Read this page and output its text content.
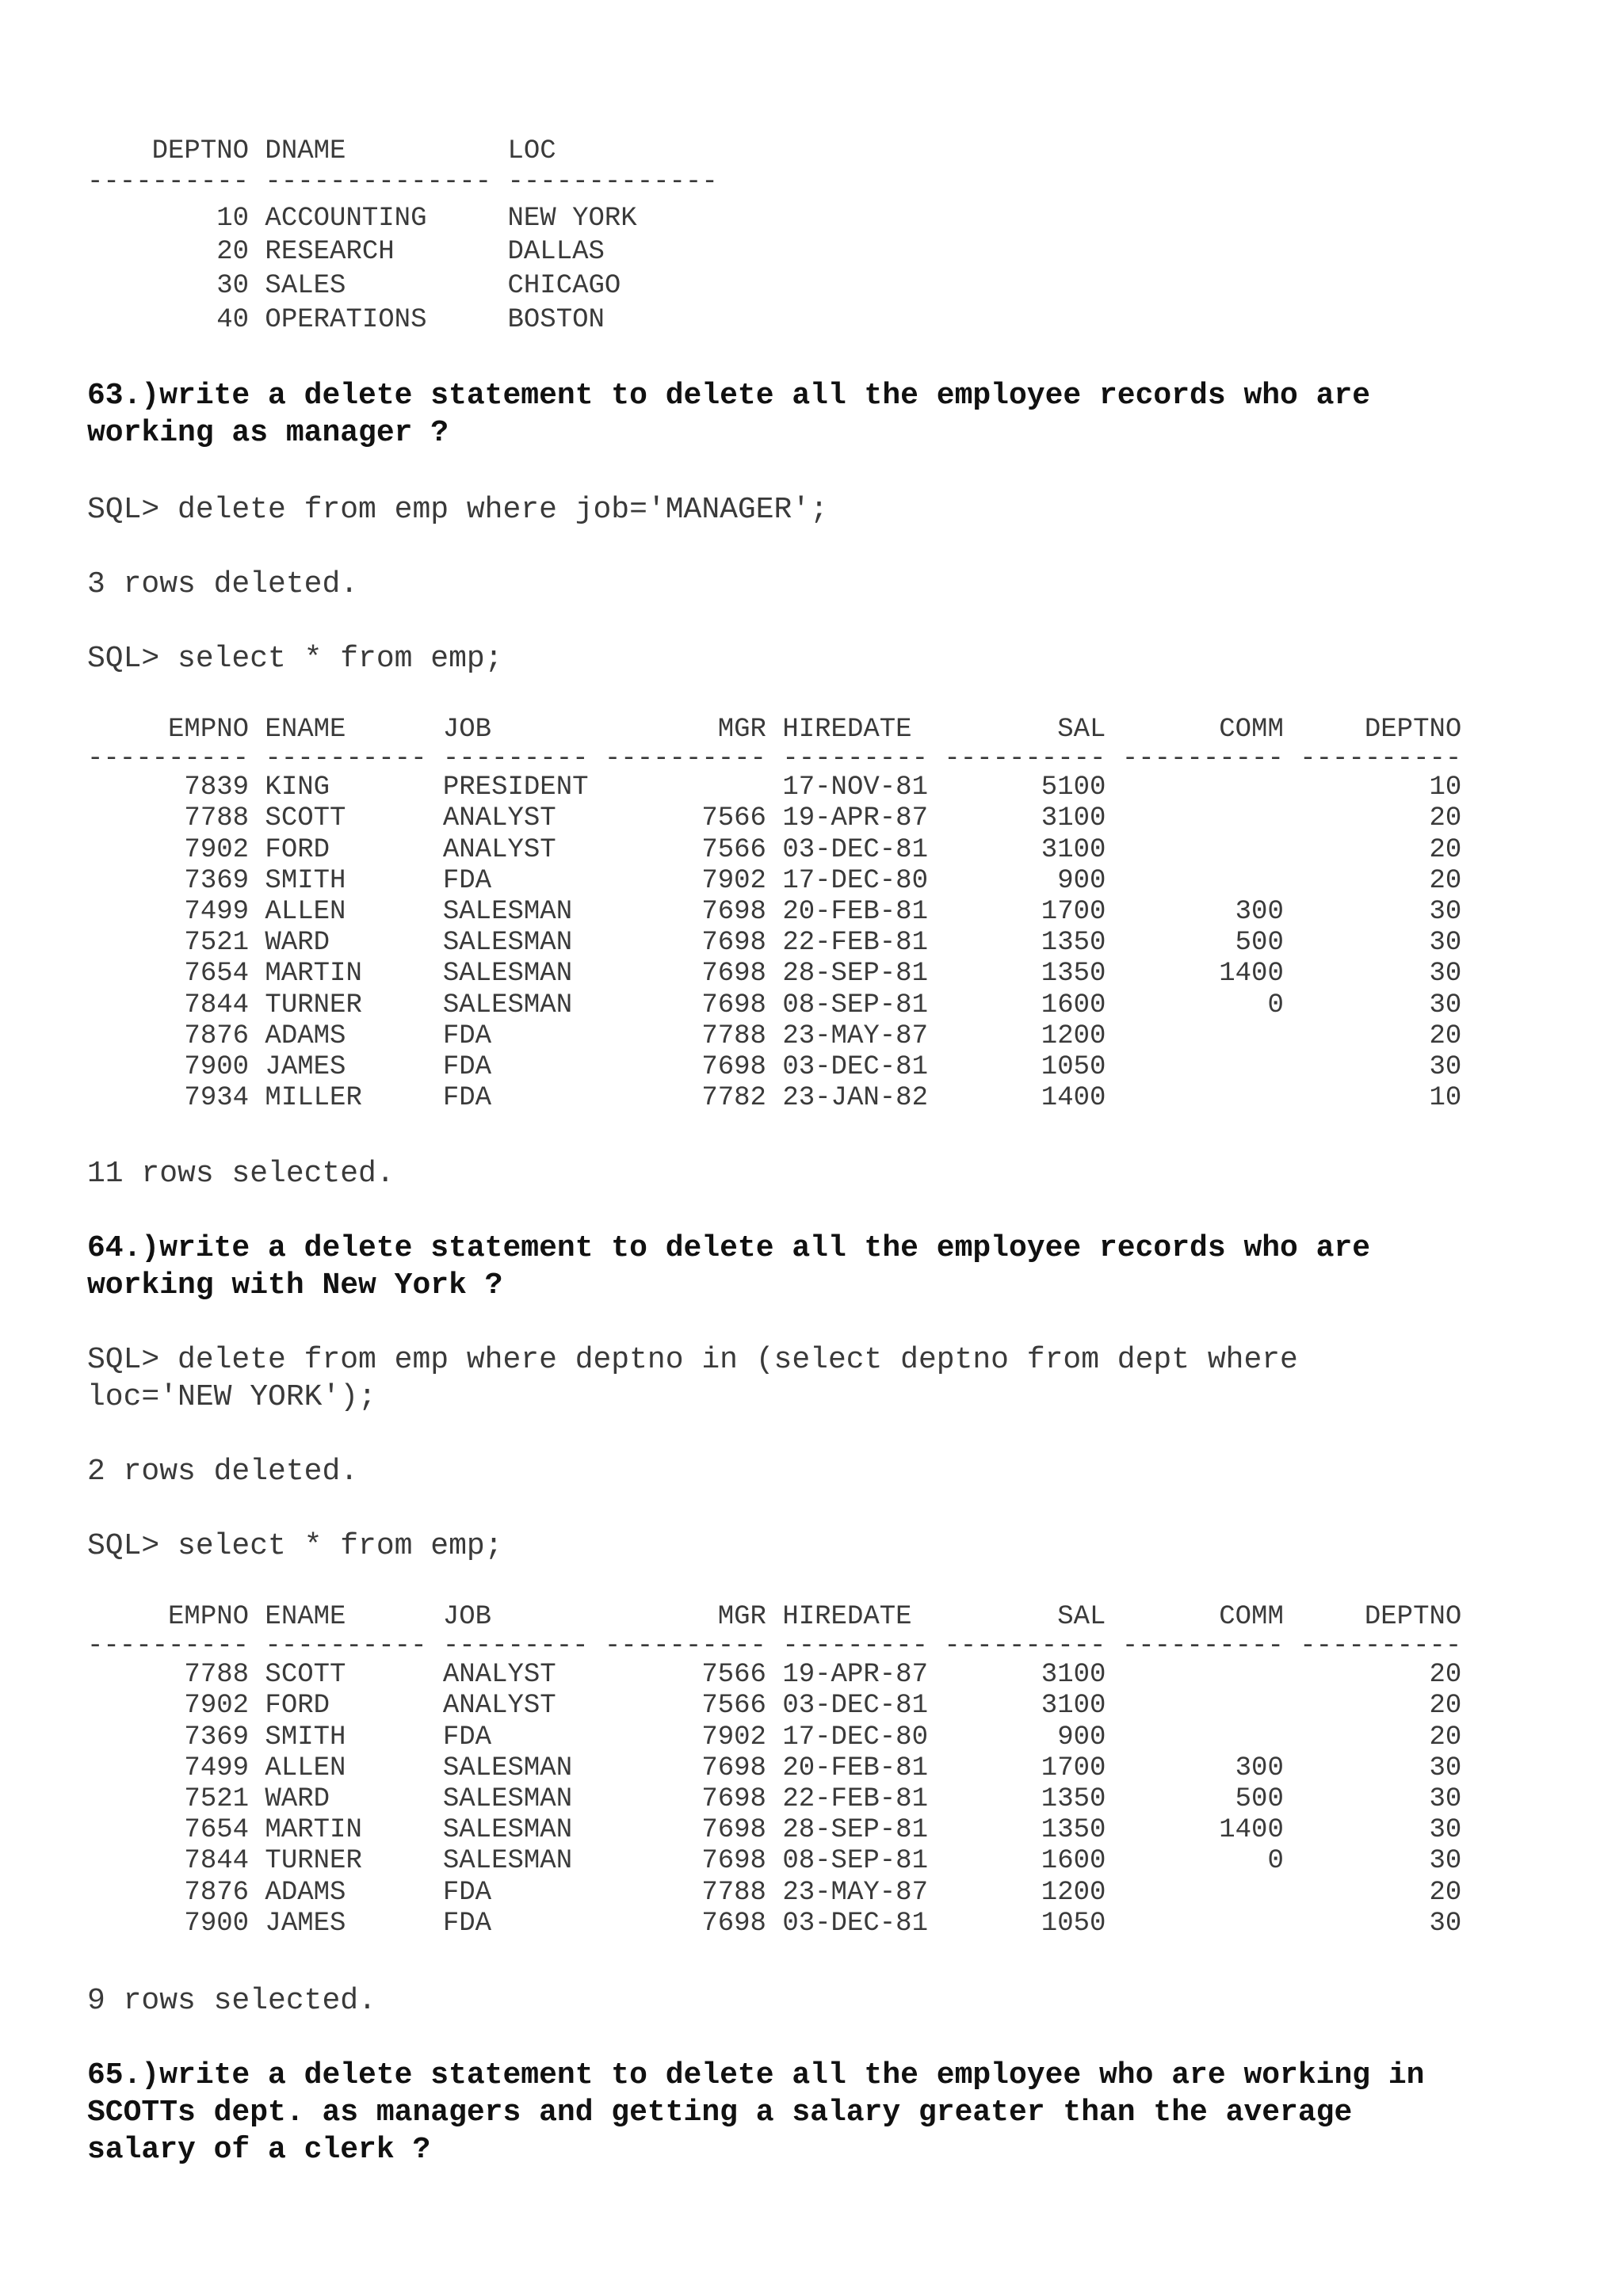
DEPTNO DNAME          LOC
---------- -------------- -------------
10 ACCOUNTING     NEW YORK
20 RESEARCH       DALLAS
30 SALES          CHICAGO
40 OPERATIONS     BOSTON
63.)write a delete statement to delete all the employee records who are
working as manager ?
SQL> delete from emp where job='MANAGER';
3 rows deleted.
SQL> select * from emp;
EMPNO ENAME      JOB              MGR HIREDATE         SAL       COMM     DEPTNO
---------- ---------- --------- ---------- --------- ---------- ---------- ----------
7839 KING       PRESIDENT            17-NOV-81       5100                    10
7788 SCOTT      ANALYST         7566 19-APR-87       3100                    20
7902 FORD       ANALYST         7566 03-DEC-81       3100                    20
7369 SMITH      FDA             7902 17-DEC-80        900                    20
7499 ALLEN      SALESMAN        7698 20-FEB-81       1700        300         30
7521 WARD       SALESMAN        7698 22-FEB-81       1350        500         30
7654 MARTIN     SALESMAN        7698 28-SEP-81       1350       1400         30
7844 TURNER     SALESMAN        7698 08-SEP-81       1600          0         30
7876 ADAMS      FDA             7788 23-MAY-87       1200                    20
7900 JAMES      FDA             7698 03-DEC-81       1050                    30
7934 MILLER     FDA             7782 23-JAN-82       1400                    10
11 rows selected.
64.)write a delete statement to delete all the employee records who are
working with New York ?
SQL> delete from emp where deptno in (select deptno from dept where
loc='NEW YORK');
2 rows deleted.
SQL> select * from emp;
EMPNO ENAME      JOB              MGR HIREDATE         SAL       COMM     DEPTNO
---------- ---------- --------- ---------- --------- ---------- ---------- ----------
7788 SCOTT      ANALYST         7566 19-APR-87       3100                    20
7902 FORD       ANALYST         7566 03-DEC-81       3100                    20
7369 SMITH      FDA             7902 17-DEC-80        900                    20
7499 ALLEN      SALESMAN        7698 20-FEB-81       1700        300         30
7521 WARD       SALESMAN        7698 22-FEB-81       1350        500         30
7654 MARTIN     SALESMAN        7698 28-SEP-81       1350       1400         30
7844 TURNER     SALESMAN        7698 08-SEP-81       1600          0         30
7876 ADAMS      FDA             7788 23-MAY-87       1200                    20
7900 JAMES      FDA             7698 03-DEC-81       1050                    30
9 rows selected.
65.)write a delete statement to delete all the employee who are working in
SCOTTs dept. as managers and getting a salary greater than the average
salary of a clerk ?
